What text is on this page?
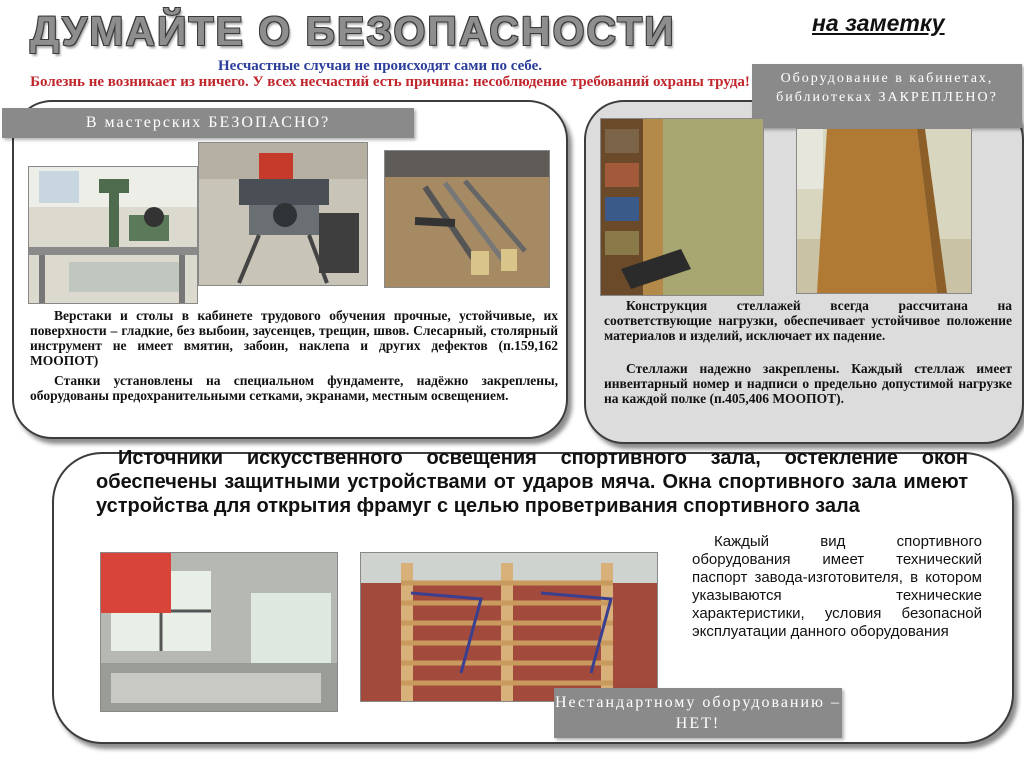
ДУМАЙТЕ О БЕЗОПАСНОСТИ	на заметку
Несчастные случаи не происходят сами по себе.
Болезнь не возникает из ничего. У всех несчастий есть причина: несоблюдение требований охраны труда!
В мастерских БЕЗОПАСНО?
Верстаки и столы в кабинете трудового обучения прочные, устойчивые, их поверхности – гладкие, без выбоин, заусенцев, трещин, швов. Слесарный, столярный инструмент не имеет вмятин, забоин, наклепа и других дефектов (п.159,162 МООПОТ)
Станки установлены на специальном фундаменте, надёжно закреплены, оборудованы предохранительными сетками, экранами, местным освещением.
Оборудование в кабинетах, библиотеках ЗАКРЕПЛЕНО?
Конструкция стеллажей всегда рассчитана на соответствующие нагрузки, обеспечивает устойчивое положение материалов и изделий, исключает их падение.
Стеллажи надежно закреплены. Каждый стеллаж имеет инвентарный номер и надписи о предельно допустимой нагрузке на каждой полке (п.405,406 МООПОТ).
Источники искусственного освещения спортивного зала, остекление окон обеспечены защитными устройствами от ударов мяча. Окна спортивного зала имеют устройства для открытия фрамуг с целью проветривания спортивного зала
Каждый вид спортивного оборудования имеет технический паспорт завода-изготовителя, в котором указываются технические характеристики, условия безопасной эксплуатации данного оборудования
Нестандартному оборудованию – НЕТ!
